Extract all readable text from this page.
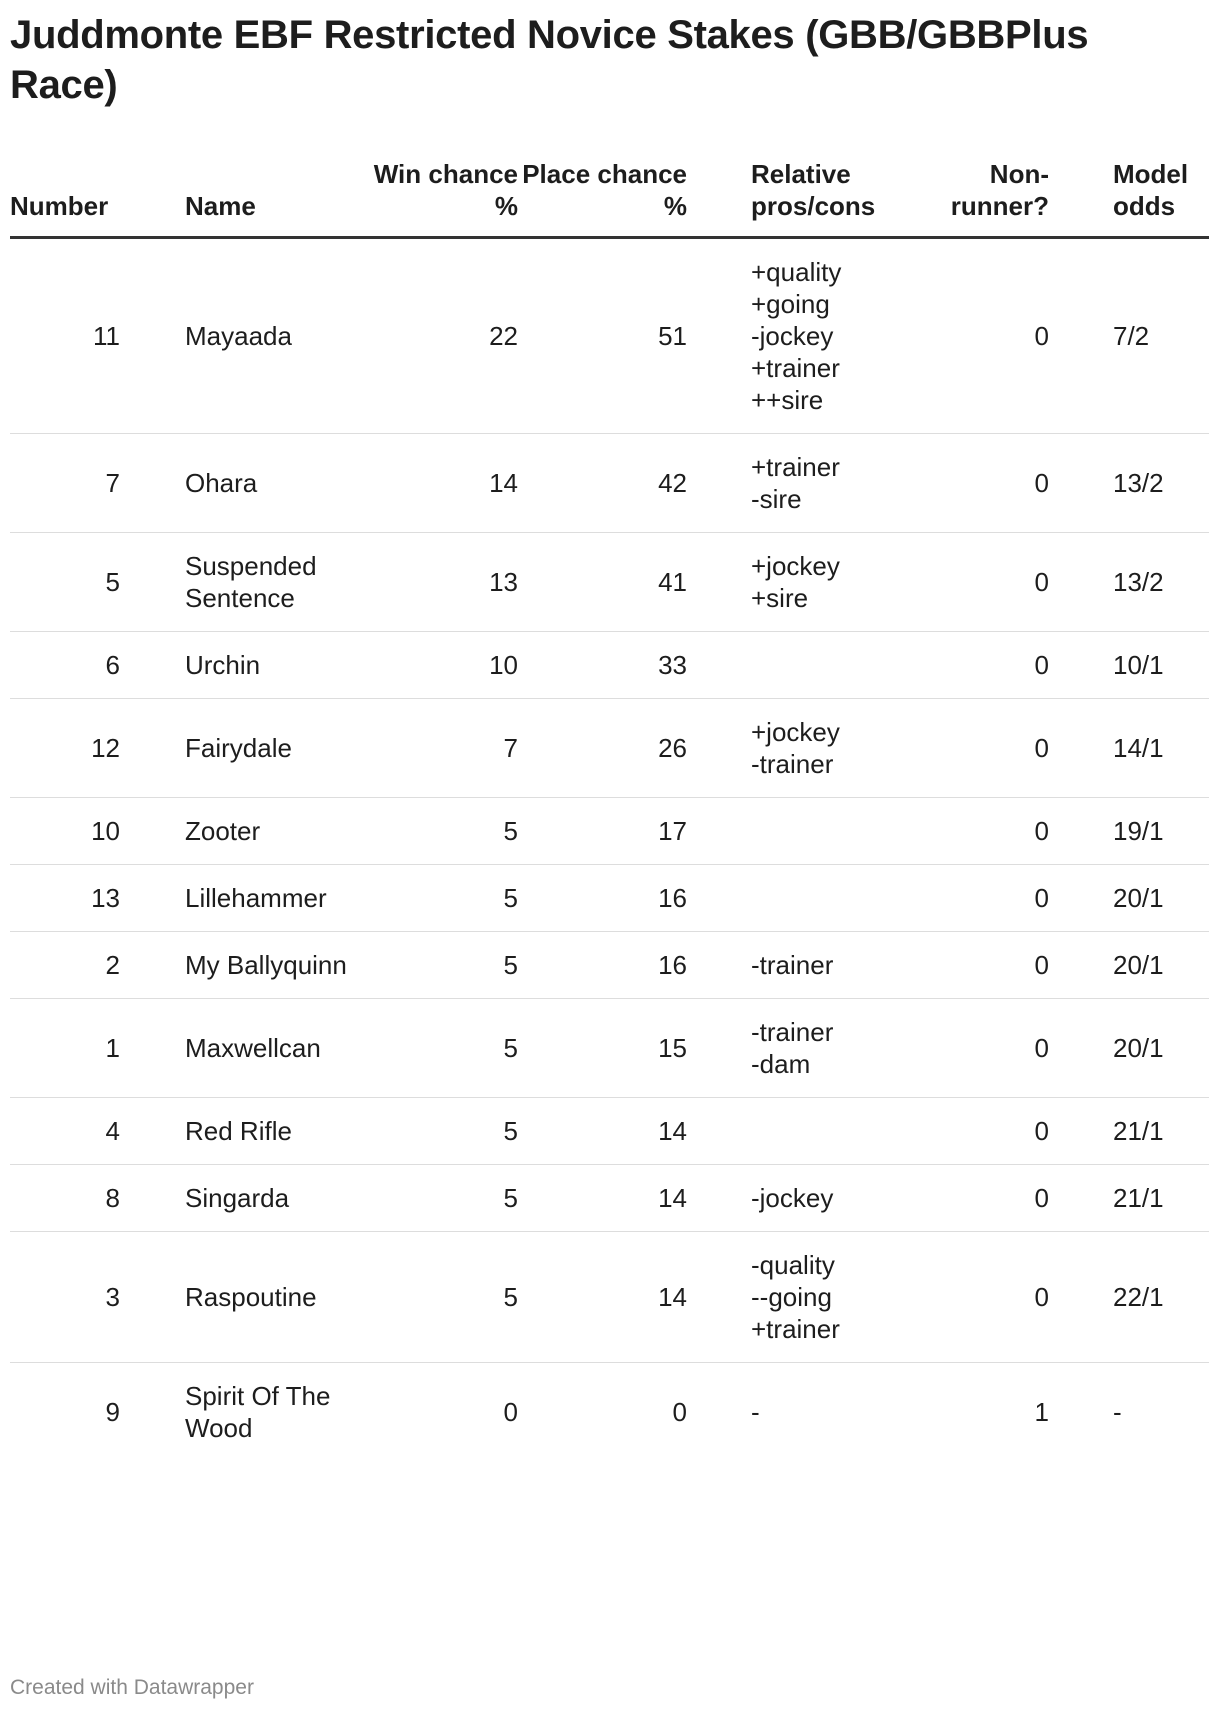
Juddmonte EBF Restricted Novice Stakes (GBB/GBBPlus Race)
Number		Name	Win chance %	Place chance %		Relative pros/cons	Non-runner?		Model odds
11		Mayaada	22	51		+quality
+going
-jockey
+trainer
++sire	0		7/2
7		Ohara	14	42		+trainer
-sire	0		13/2
5		Suspended Sentence	13	41		+jockey
+sire	0		13/2
6		Urchin	10	33			0		10/1
12		Fairydale	7	26		+jockey
-trainer	0		14/1
10		Zooter	5	17			0		19/1
13		Lillehammer	5	16			0		20/1
2		My Ballyquinn	5	16		-trainer	0		20/1
1		Maxwellcan	5	15		-trainer
-dam	0		20/1
4		Red Rifle	5	14			0		21/1
8		Singarda	5	14		-jockey	0		21/1
3		Raspoutine	5	14		-quality
--going
+trainer	0		22/1
9		Spirit Of The Wood	0	0		-	1		-
Created with Datawrapper
